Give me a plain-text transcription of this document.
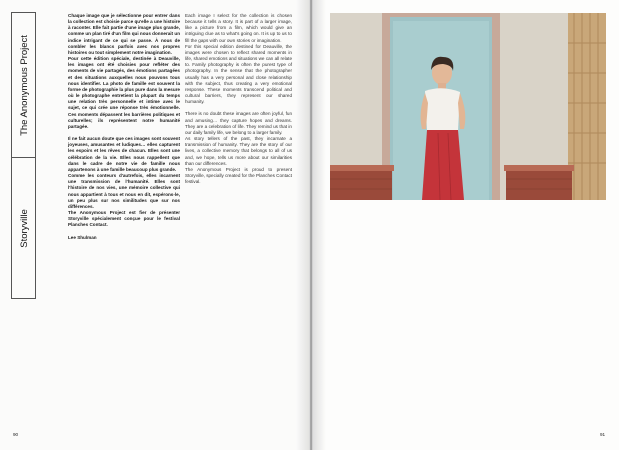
The Anonymous Project
Storyville

Chaque image que je sélectionne pour entrer dans la collection est choisie parce qu'elle a une histoire à raconter. Elle fait partie d'une image plus grande, comme un plan tiré d'un film qui nous donnerait un indice intrigant de ce qui se passe. À nous de combler les blancs parfois avec nos propres histoires ou tout simplement notre imagination.
Pour cette édition spéciale, destinée à Deauville, les images ont été choisies pour refléter des moments de vie partagés, des émotions partagées et des situations auxquelles nous pouvons tous nous identifier. La photo de famille est souvent la forme de photographie la plus pure dans la mesure où le photographe entretient la plupart du temps une relation très personnelle et intime avec le sujet, ce qui crée une réponse très émotionnelle. Ces moments dépassent les barrières politiques et culturelles; ils représentent notre humanité partagée.

Il ne fait aucun doute que ces images sont souvent joyeuses, amusantes et ludiques… elles capturent les espoirs et les rêves de chacun. Elles sont une célébration de la vie. Elles nous rappellent que dans le cadre de notre vie de famille nous appartenons à une famille beaucoup plus grande.
Comme les conteurs d'autrefois, elles incarnent une transmission de l'humanité. Elles sont l'histoire de nos vies, une mémoire collective qui nous appartient à tous et nous en dit, espérons-le, un peu plus sur nos similitudes que sur nos différences.
The Anonymous Project est fier de présenter Storyville spécialement conçue pour le festival Planches Contact.

Lee Shulman

Each image I select for the collection is chosen because it tells a story. It is part of a larger image, like a picture from a film, which would give an intriguing clue as to what's going on. It is up to us to fill the gaps with our own stories or imagination.
For this special edition destined for Deauville, the images were chosen to reflect shared moments in life, shared emotions and situations we can all relate to. Family photography is often the purest type of photography. In the sense that the photographer usually has a very personal and close relationship with the subject, thus creating a very emotional response. These moments transcend political and cultural barriers, they represent our shared humanity.

There is no doubt these images are often joyful, fun and amusing… they capture hopes and dreams. They are a celebration of life. They remind us that in our daily family life, we belong to a larger family.
As story tellers of the past, they incarnate a transmission of humanity. They are the story of our lives, a collective memory that belongs to all of us and, we hope, tells us more about our similarities than our differences.
The Anonymous Project is proud to present Storyville, specially created for the Planches Contact festival.

90	91
